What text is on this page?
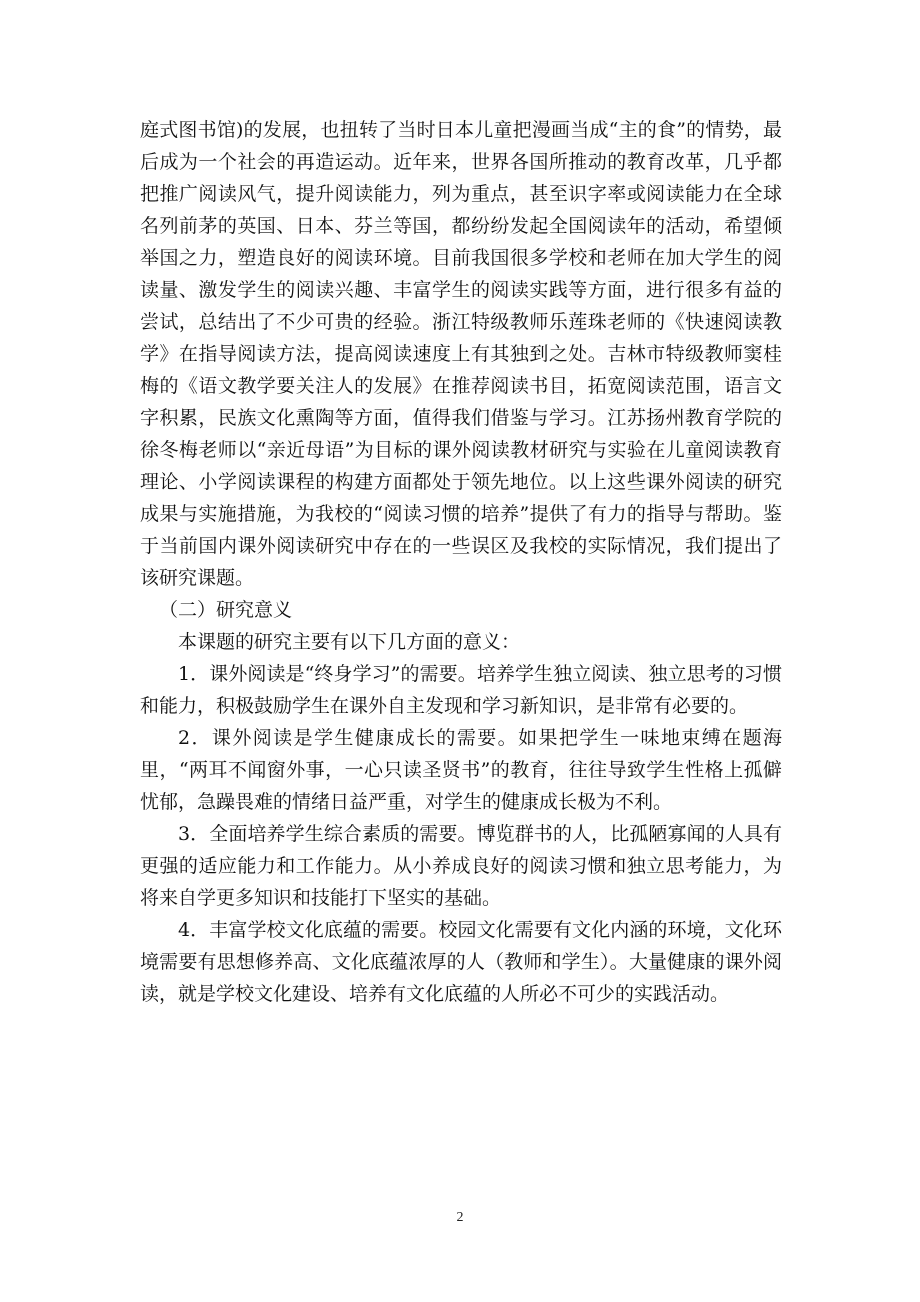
庭式图书馆)的发展，也扭转了当时日本儿童把漫画当成“主的食”的情势，最后成为一个社会的再造运动。近年来，世界各国所推动的教育改革，几乎都把推广阅读风气，提升阅读能力，列为重点，甚至识字率或阅读能力在全球名列前茅的英国、日本、芬兰等国，都纷纷发起全国阅读年的活动，希望倾举国之力，塑造良好的阅读环境。目前我国很多学校和老师在加大学生的阅读量、激发学生的阅读兴趣、丰富学生的阅读实践等方面，进行很多有益的尝试，总结出了不少可贵的经验。浙江特级教师乐莲珠老师的《快速阅读教学》在指导阅读方法，提高阅读速度上有其独到之处。吉林市特级教师窦桂梅的《语文教学要关注人的发展》在推荐阅读书目，拓宽阅读范围，语言文字积累，民族文化熏陶等方面，值得我们借鉴与学习。江苏扬州教育学院的徐冬梅老师以“亲近母语”为目标的课外阅读教材研究与实验在儿童阅读教育理论、小学阅读课程的构建方面都处于领先地位。以上这些课外阅读的研究成果与实施措施，为我校的“阅读习惯的培养”提供了有力的指导与帮助。鉴于当前国内课外阅读研究中存在的一些误区及我校的实际情况，我们提出了该研究课题。

（二）研究意义

本课题的研究主要有以下几方面的意义：

1．课外阅读是“终身学习”的需要。培养学生独立阅读、独立思考的习惯和能力，积极鼓励学生在课外自主发现和学习新知识，是非常有必要的。

2．课外阅读是学生健康成长的需要。如果把学生一味地束缚在题海里，“两耳不闻窗外事，一心只读圣贤书”的教育，往往导致学生性格上孤僻忧郁，急躁畏难的情绪日益严重，对学生的健康成长极为不利。

3．全面培养学生综合素质的需要。博览群书的人，比孤陋寡闻的人具有更强的适应能力和工作能力。从小养成良好的阅读习惯和独立思考能力，为将来自学更多知识和技能打下坚实的基础。

4．丰富学校文化底蕴的需要。校园文化需要有文化内涵的环境，文化环境需要有思想修养高、文化底蕴浓厚的人（教师和学生）。大量健康的课外阅读，就是学校文化建设、培养有文化底蕴的人所必不可少的实践活动。

2
